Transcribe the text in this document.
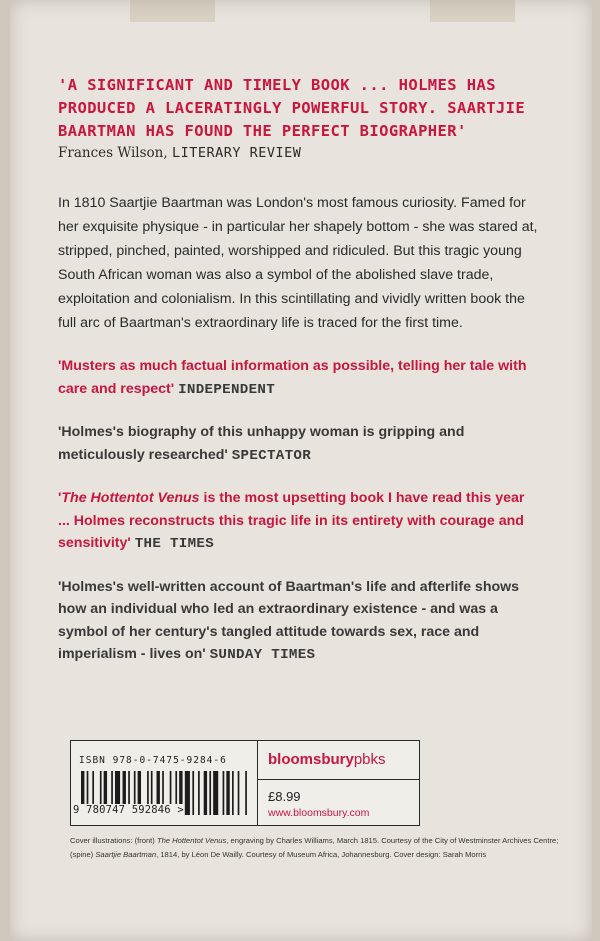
'A SIGNIFICANT AND TIMELY BOOK ... HOLMES HAS PRODUCED A LACERATINGLY POWERFUL STORY. SAARTJIE BAARTMAN HAS FOUND THE PERFECT BIOGRAPHER'

Frances Wilson, LITERARY REVIEW

In 1810 Saartjie Baartman was London's most famous curiosity. Famed for her exquisite physique - in particular her shapely bottom - she was stared at, stripped, pinched, painted, worshipped and ridiculed. But this tragic young South African woman was also a symbol of the abolished slave trade, exploitation and colonialism. In this scintillating and vividly written book the full arc of Baartman's extraordinary life is traced for the first time.

'Musters as much factual information as possible, telling her tale with care and respect' INDEPENDENT

'Holmes's biography of this unhappy woman is gripping and meticulously researched' SPECTATOR

'The Hottentot Venus is the most upsetting book I have read this year ... Holmes reconstructs this tragic life in its entirety with courage and sensitivity' THE TIMES

'Holmes's well-written account of Baartman's life and afterlife shows how an individual who led an extraordinary existence - and was a symbol of her century's tangled attitude towards sex, race and imperialism - lives on' SUNDAY TIMES

ISBN 978-0-7475-9284-6
9 780747 592846 >
bloomsburypbks
£8.99
www.bloomsbury.com
Cover illustrations: (front) The Hottentot Venus, engraving by Charles Williams, March 1815. Courtesy of the City of Westminster Archives Centre; (spine) Saartjie Baartman, 1814, by Léon De Wailly. Courtesy of Museum Africa, Johannesburg. Cover design: Sarah Morris
